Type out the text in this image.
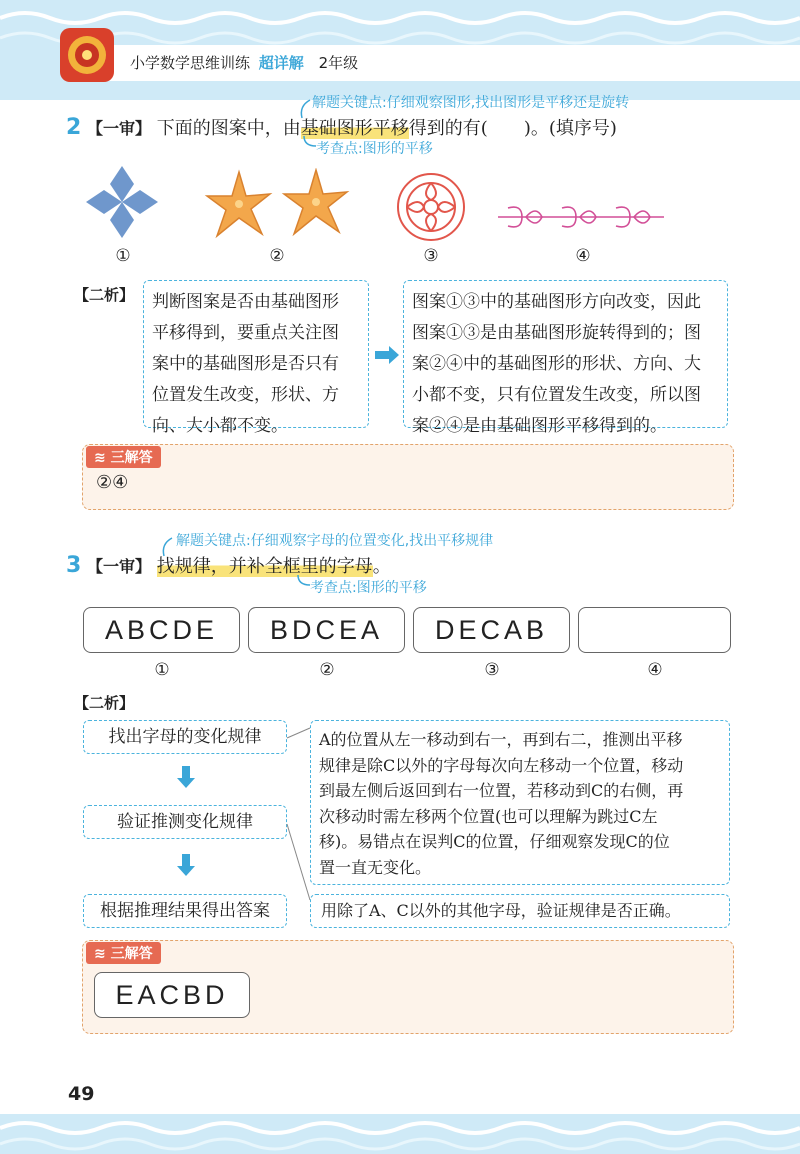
小学数学思维训练 超详解 2年级
解题关键点:仔细观察图形,找出图形是平移还是旋转
2 【一审】 下面的图案中，由基础图形平移得到的有(　　)。(填序号)
考查点:图形的平移
①	②	③	④
【二析】 判断图案是否由基础图形
平移得到，要重点关注图
案中的基础图形是否只有
位置发生改变，形状、方
向、大小都不变。
图案①③中的基础图形方向改变，因此
图案①③是由基础图形旋转得到的；图
案②④中的基础图形的形状、方向、大
小都不变，只有位置发生改变，所以图
案②④是由基础图形平移得到的。
≋ 三解答
②④
解题关键点:仔细观察字母的位置变化,找出平移规律
3 【一审】 找规律，并补全框里的字母。
考查点:图形的平移
ABCDE	BDCEA	DECAB
①	②	③	④
【二析】
找出字母的变化规律
验证推测变化规律
根据推理结果得出答案
A的位置从左一移动到右一，再到右二，推测出平移
规律是除C以外的字母每次向左移动一个位置，移动
到最左侧后返回到右一位置，若移动到C的右侧，再
次移动时需左移两个位置(也可以理解为跳过C左
移)。易错点在误判C的位置，仔细观察发现C的位
置一直无变化。
用除了A、C以外的其他字母，验证规律是否正确。
≋ 三解答
EACBD
49
